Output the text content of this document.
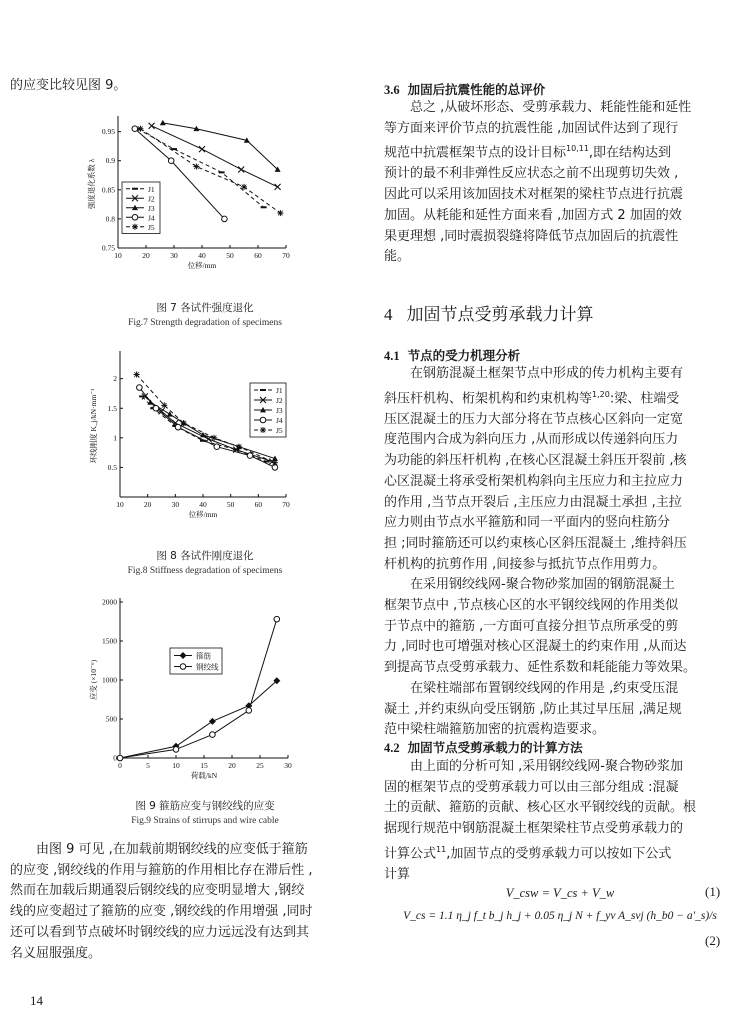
的应变比较见图 9。
10	20	30	40	50	60	70
0.75
0.8
0.85
0.9
0.95
位移/mm
强度退化系数 λ	J1
J2
J3
J4
J5
图 7 各试件强度退化
Fig.7 Strength degradation of specimens
10	20	30	40	50	60	70
0.5
1
1.5
2
位移/mm
环线刚度 K_j/kN·mm⁻¹	J1
J2
J3
J4
J5
图 8 各试件刚度退化
Fig.8 Stiffness degradation of specimens
0	5	10	15	20	25	30
0
500
1000
1500
2000
荷载/kN
应变 (×10⁻⁶)
箍筋
钢绞线
图 9 箍筋应变与钢绞线的应变
Fig.9 Strains of stirrups and wire cable
由图 9 可见 ,在加载前期钢绞线的应变低于箍筋
的应变 ,钢绞线的作用与箍筋的作用相比存在滞后性 ,
然而在加载后期通裂后钢绞线的应变明显增大 ,钢绞
线的应变超过了箍筋的应变 ,钢绞线的作用增强 ,同时
还可以看到节点破坏时钢绞线的应力远远没有达到其
名义屈服强度。
14
3.6 加固后抗震性能的总评价
总之 ,从破坏形态、受剪承载力、耗能性能和延性
等方面来评价节点的抗震性能 ,加固试件达到了现行
规范中抗震框架节点的设计目标$^{10,11}$,即在结构达到
预计的最不利非弹性反应状态之前不出现剪切失效 ,
因此可以采用该加固技术对框架的梁柱节点进行抗震
加固。从耗能和延性方面来看 ,加固方式 2 加固的效
果更理想 ,同时震损裂缝将降低节点加固后的抗震性
能。
4 加固节点受剪承载力计算
4.1 节点的受力机理分析
在钢筋混凝土框架节点中形成的传力机构主要有
斜压杆机构、桁架机构和约束机构等$^{1,20}$:梁、柱端受
压区混凝土的压力大部分将在节点核心区斜向一定宽
度范围内合成为斜向压力 ,从而形成以传递斜向压力
为功能的斜压杆机构 ,在核心区混凝土斜压开裂前 ,核
心区混凝土将承受桁架机构斜向主压应力和主拉应力
的作用 ,当节点开裂后 ,主压应力由混凝土承担 ,主拉
应力则由节点水平箍筋和同一平面内的竖向柱筋分
担 ;同时箍筋还可以约束核心区斜压混凝土 ,维持斜压
杆机构的抗剪作用 ,间接参与抵抗节点作用剪力。
在采用钢绞线网-聚合物砂浆加固的钢筋混凝土
框架节点中 ,节点核心区的水平钢绞线网的作用类似
于节点中的箍筋 ,一方面可直接分担节点所承受的剪
力 ,同时也可增强对核心区混凝土的约束作用 ,从而达
到提高节点受剪承载力、延性系数和耗能能力等效果。
在梁柱端部布置钢绞线网的作用是 ,约束受压混
凝土 ,并约束纵向受压钢筋 ,防止其过早压屈 ,满足规
范中梁柱端箍筋加密的抗震构造要求。
4.2 加固节点受剪承载力的计算方法
由上面的分析可知 ,采用钢绞线网-聚合物砂浆加
固的框架节点的受剪承载力可以由三部分组成 :混凝
土的贡献、箍筋的贡献、核心区水平钢绞线的贡献。根
据现行规范中钢筋混凝土框架梁柱节点受剪承载力的
计算公式$^{11}$,加固节点的受剪承载力可以按如下公式
计算
V_csw = V_cs + V_w	(1)
V_cs = 1.1 η_j f_t b_j h_j + 0.05 η_j N + f_yv A_svj (h_b0 − a′_s)/s
(2)
